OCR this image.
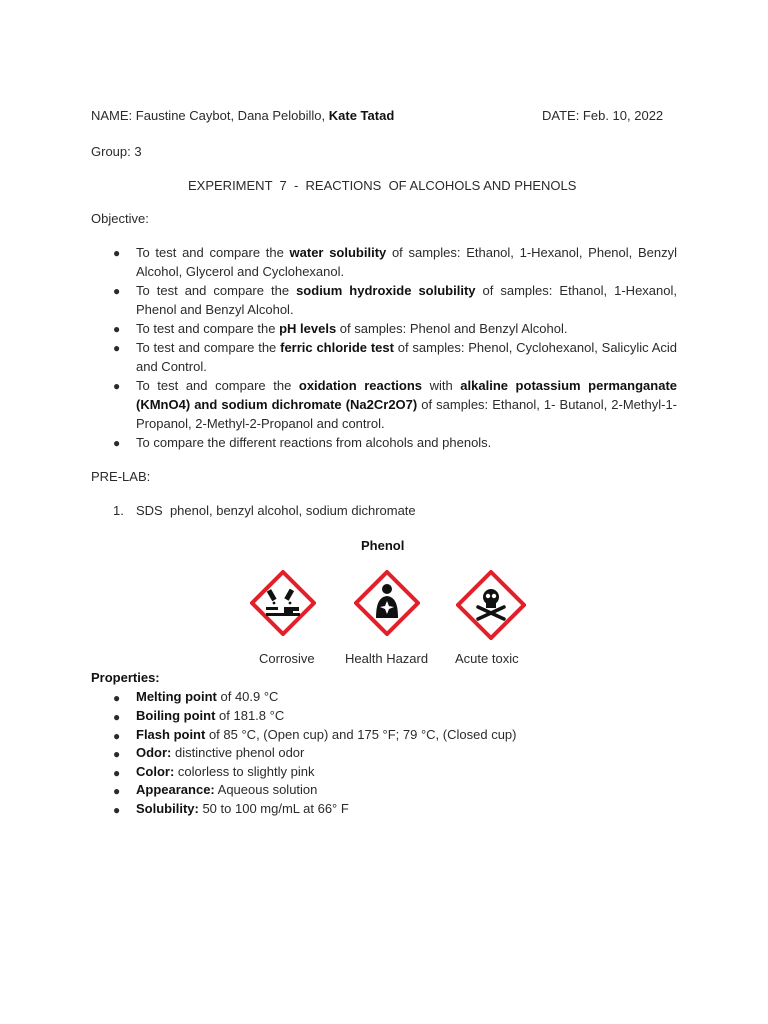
NAME: Faustine Caybot, Dana Pelobillo, Kate Tatad	DATE: Feb. 10, 2022
Group: 3
EXPERIMENT  7  -  REACTIONS  OF ALCOHOLS AND PHENOLS
Objective:
● To test and compare the water solubility of samples: Ethanol, 1-Hexanol, Phenol, Benzyl Alcohol, Glycerol and Cyclohexanol.
● To test and compare the sodium hydroxide solubility of samples: Ethanol, 1-Hexanol, Phenol and Benzyl Alcohol.
● To test and compare the pH levels of samples: Phenol and Benzyl Alcohol.
● To test and compare the ferric chloride test of samples: Phenol, Cyclohexanol, Salicylic Acid and Control.
● To test and compare the oxidation reactions with alkaline potassium permanganate (KMnO4) and sodium dichromate (Na2Cr2O7) of samples: Ethanol, 1- Butanol, 2-Methyl-1-Propanol, 2-Methyl-2-Propanol and control.
● To compare the different reactions from alcohols and phenols.
PRE-LAB:
1. SDS  phenol, benzyl alcohol, sodium dichromate
Phenol
Corrosive Health Hazard Acute toxic
Properties:
● Melting point of 40.9 °C
● Boiling point of 181.8 °C
● Flash point of 85 °C, (Open cup) and 175 °F; 79 °C, (Closed cup)
● Odor: distinctive phenol odor
● Color: colorless to slightly pink
● Appearance: Aqueous solution
● Solubility: 50 to 100 mg/mL at 66° F
